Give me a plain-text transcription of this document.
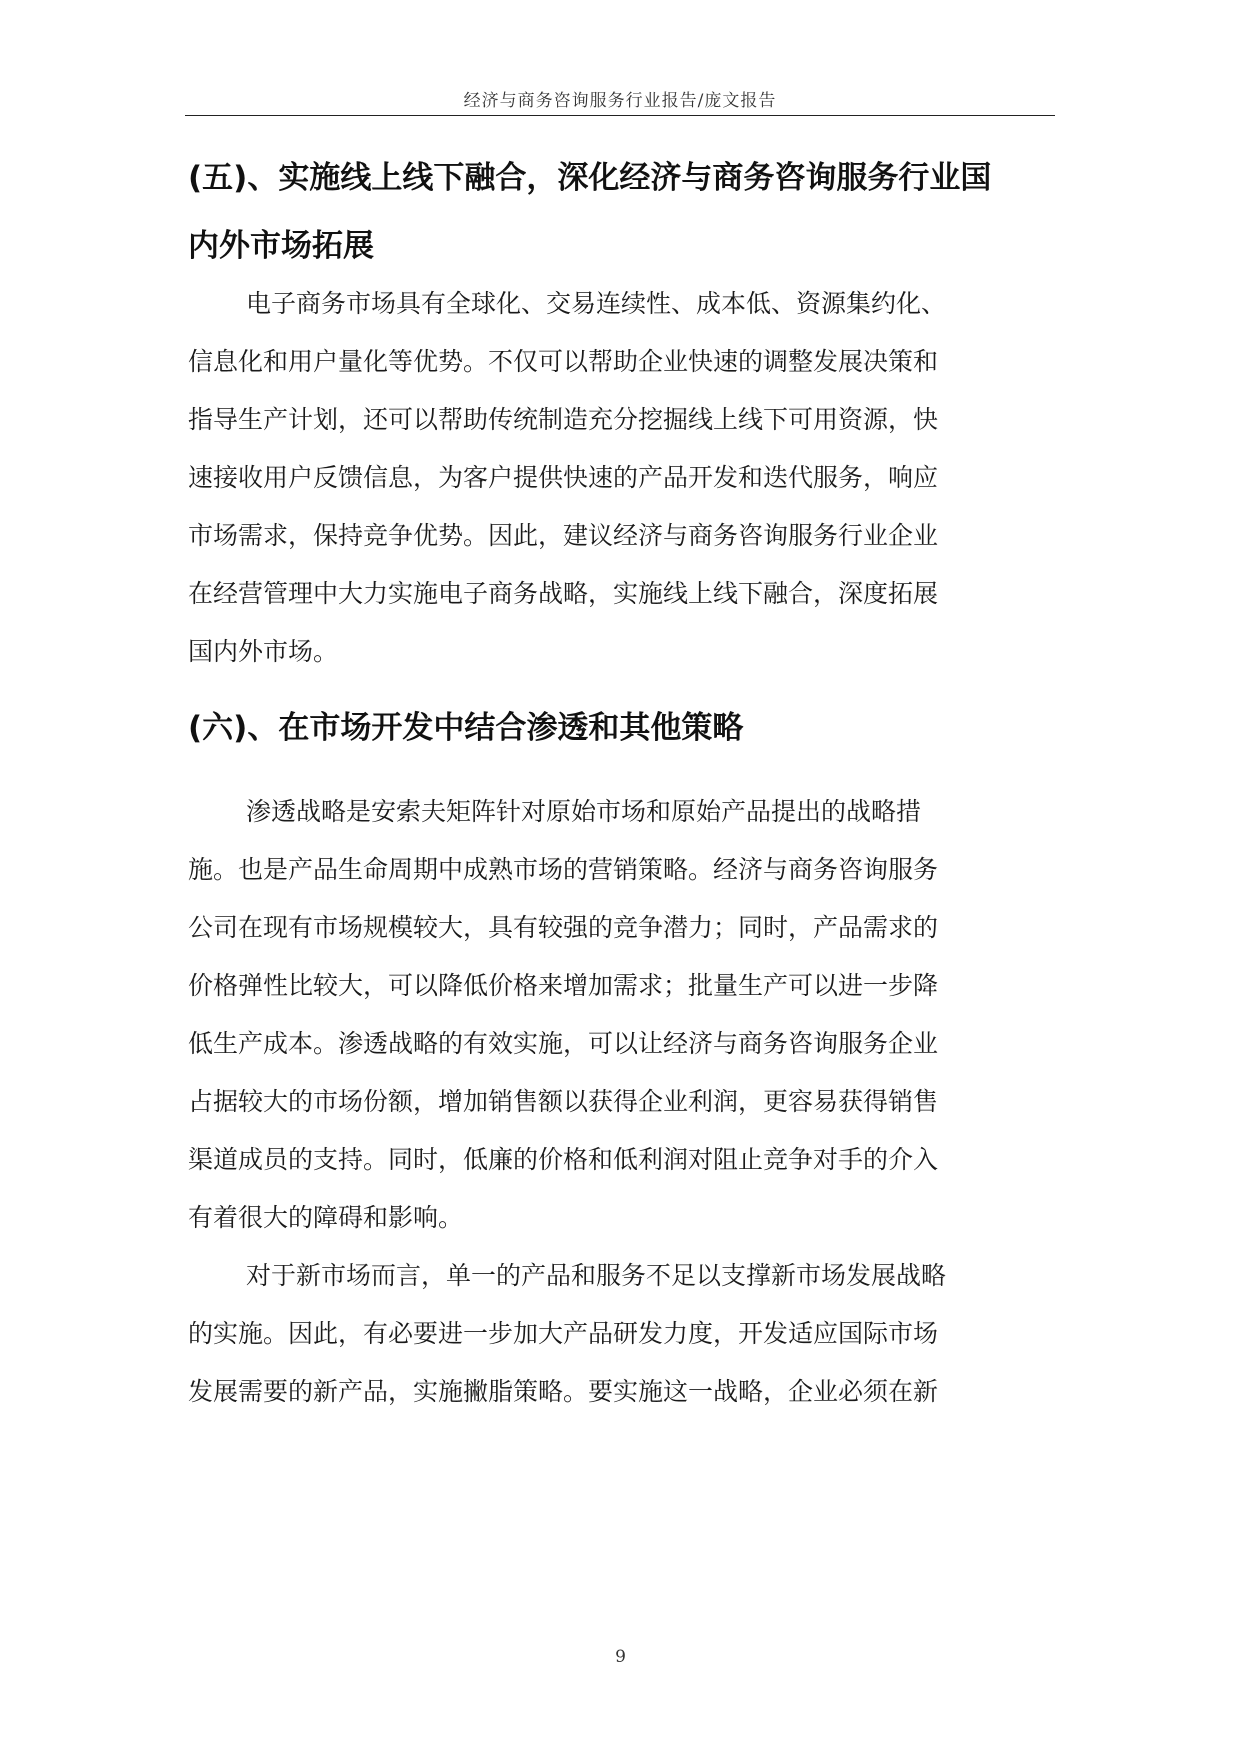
经济与商务咨询服务行业报告/庞文报告
(五)、实施线上线下融合，深化经济与商务咨询服务行业国
内外市场拓展
电子商务市场具有全球化、交易连续性、成本低、资源集约化、
信息化和用户量化等优势。不仅可以帮助企业快速的调整发展决策和
指导生产计划，还可以帮助传统制造充分挖掘线上线下可用资源，快
速接收用户反馈信息，为客户提供快速的产品开发和迭代服务，响应
市场需求，保持竞争优势。因此，建议经济与商务咨询服务行业企业
在经营管理中大力实施电子商务战略，实施线上线下融合，深度拓展
国内外市场。
(六)、在市场开发中结合渗透和其他策略
渗透战略是安索夫矩阵针对原始市场和原始产品提出的战略措
施。也是产品生命周期中成熟市场的营销策略。经济与商务咨询服务
公司在现有市场规模较大，具有较强的竞争潜力；同时，产品需求的
价格弹性比较大，可以降低价格来增加需求；批量生产可以进一步降
低生产成本。渗透战略的有效实施，可以让经济与商务咨询服务企业
占据较大的市场份额，增加销售额以获得企业利润，更容易获得销售
渠道成员的支持。同时，低廉的价格和低利润对阻止竞争对手的介入
有着很大的障碍和影响。
对于新市场而言，单一的产品和服务不足以支撑新市场发展战略
的实施。因此，有必要进一步加大产品研发力度，开发适应国际市场
发展需要的新产品，实施撇脂策略。要实施这一战略，企业必须在新
9
